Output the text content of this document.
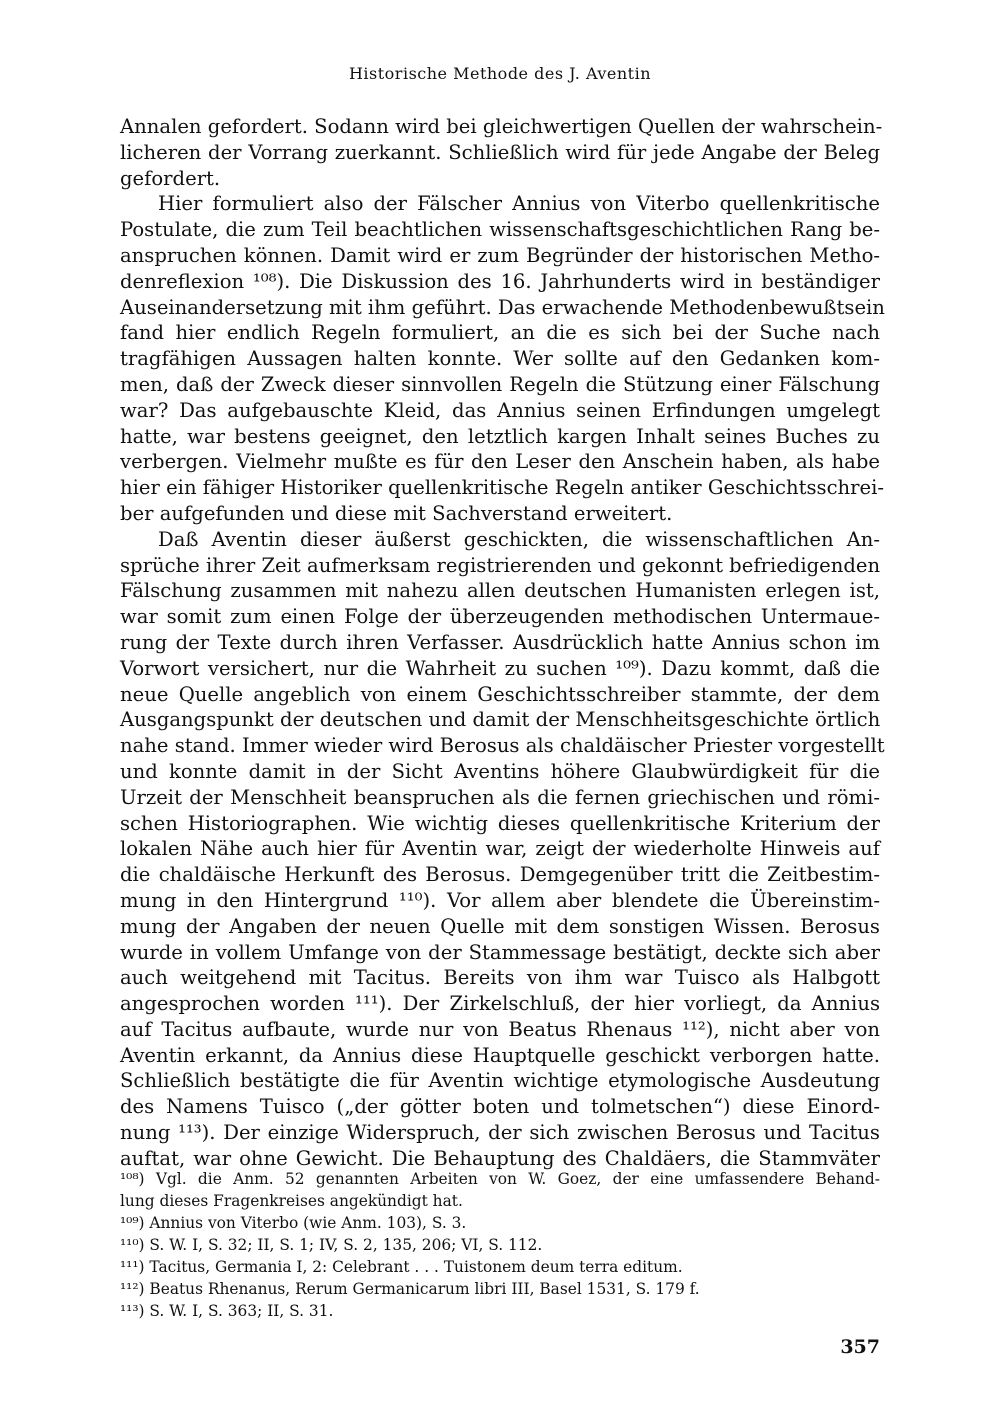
Historische Methode des J. Aventin
Annalen gefordert. Sodann wird bei gleichwertigen Quellen der wahrschein-
licheren der Vorrang zuerkannt. Schließlich wird für jede Angabe der Beleg
gefordert.
Hier formuliert also der Fälscher Annius von Viterbo quellenkritische
Postulate, die zum Teil beachtlichen wissenschaftsgeschichtlichen Rang be-
anspruchen können. Damit wird er zum Begründer der historischen Metho-
denreflexion ¹⁰⁸). Die Diskussion des 16. Jahrhunderts wird in beständiger
Auseinandersetzung mit ihm geführt. Das erwachende Methodenbewußtsein
fand hier endlich Regeln formuliert, an die es sich bei der Suche nach
tragfähigen Aussagen halten konnte. Wer sollte auf den Gedanken kom-
men, daß der Zweck dieser sinnvollen Regeln die Stützung einer Fälschung
war? Das aufgebauschte Kleid, das Annius seinen Erfindungen umgelegt
hatte, war bestens geeignet, den letztlich kargen Inhalt seines Buches zu
verbergen. Vielmehr mußte es für den Leser den Anschein haben, als habe
hier ein fähiger Historiker quellenkritische Regeln antiker Geschichtsschrei-
ber aufgefunden und diese mit Sachverstand erweitert.
Daß Aventin dieser äußerst geschickten, die wissenschaftlichen An-
sprüche ihrer Zeit aufmerksam registrierenden und gekonnt befriedigenden
Fälschung zusammen mit nahezu allen deutschen Humanisten erlegen ist,
war somit zum einen Folge der überzeugenden methodischen Untermaue-
rung der Texte durch ihren Verfasser. Ausdrücklich hatte Annius schon im
Vorwort versichert, nur die Wahrheit zu suchen ¹⁰⁹). Dazu kommt, daß die
neue Quelle angeblich von einem Geschichtsschreiber stammte, der dem
Ausgangspunkt der deutschen und damit der Menschheitsgeschichte örtlich
nahe stand. Immer wieder wird Berosus als chaldäischer Priester vorgestellt
und konnte damit in der Sicht Aventins höhere Glaubwürdigkeit für die
Urzeit der Menschheit beanspruchen als die fernen griechischen und römi-
schen Historiographen. Wie wichtig dieses quellenkritische Kriterium der
lokalen Nähe auch hier für Aventin war, zeigt der wiederholte Hinweis auf
die chaldäische Herkunft des Berosus. Demgegenüber tritt die Zeitbestim-
mung in den Hintergrund ¹¹⁰). Vor allem aber blendete die Übereinstim-
mung der Angaben der neuen Quelle mit dem sonstigen Wissen. Berosus
wurde in vollem Umfange von der Stammessage bestätigt, deckte sich aber
auch weitgehend mit Tacitus. Bereits von ihm war Tuisco als Halbgott
angesprochen worden ¹¹¹). Der Zirkelschluß, der hier vorliegt, da Annius
auf Tacitus aufbaute, wurde nur von Beatus Rhenaus ¹¹²), nicht aber von
Aventin erkannt, da Annius diese Hauptquelle geschickt verborgen hatte.
Schließlich bestätigte die für Aventin wichtige etymologische Ausdeutung
des Namens Tuisco („der götter boten und tolmetschen“) diese Einord-
nung ¹¹³). Der einzige Widerspruch, der sich zwischen Berosus und Tacitus
auftat, war ohne Gewicht. Die Behauptung des Chaldäers, die Stammväter
¹⁰⁸) Vgl. die Anm. 52 genannten Arbeiten von W. Goez, der eine umfassendere Behand-
lung dieses Fragenkreises angekündigt hat.
¹⁰⁹) Annius von Viterbo (wie Anm. 103), S. 3.
¹¹⁰) S. W. I, S. 32; II, S. 1; IV, S. 2, 135, 206; VI, S. 112.
¹¹¹) Tacitus, Germania I, 2: Celebrant . . . Tuistonem deum terra editum.
¹¹²) Beatus Rhenanus, Rerum Germanicarum libri III, Basel 1531, S. 179 f.
¹¹³) S. W. I, S. 363; II, S. 31.
357
